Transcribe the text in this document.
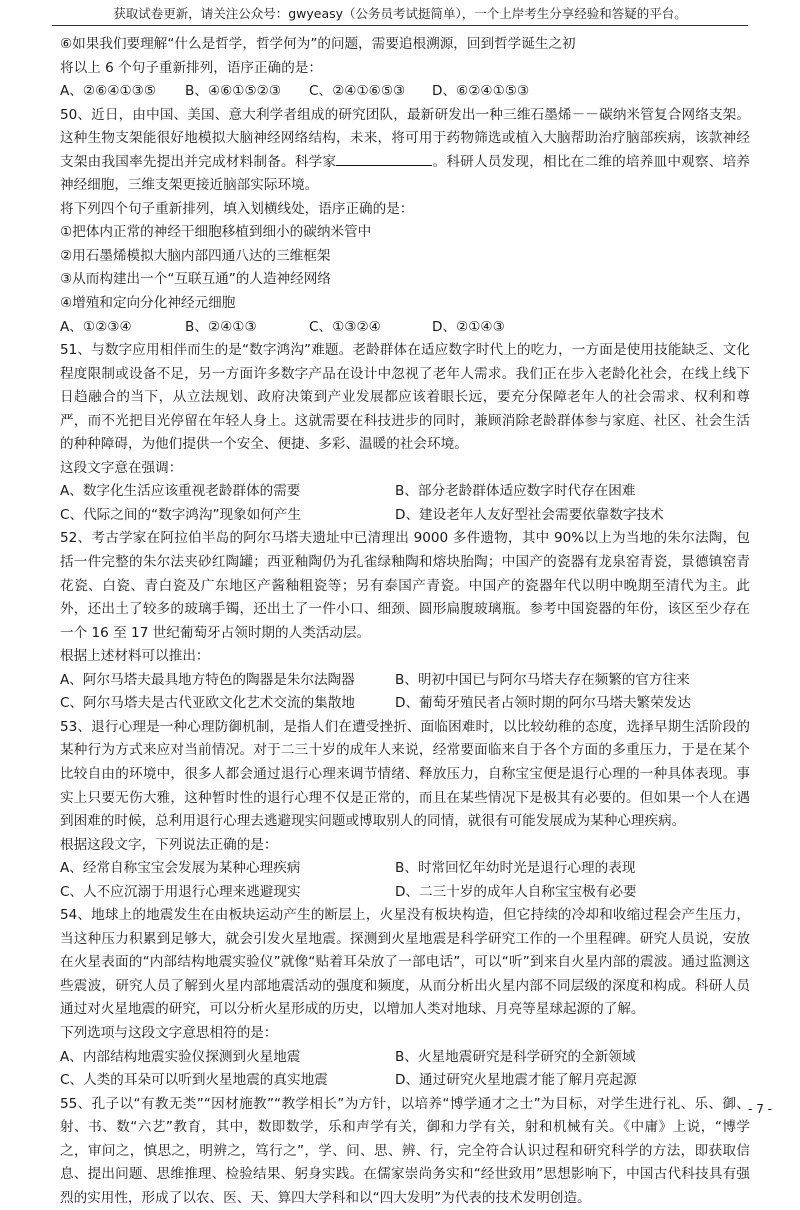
获取试卷更新，请关注公众号：gwyeasy（公务员考试挺简单），一个上岸考生分享经验和答疑的平台。
⑥如果我们要理解“什么是哲学，哲学何为”的问题，需要追根溯源，回到哲学诞生之初
将以上 6 个句子重新排列，语序正确的是：
A、②⑥④①③⑤	B、④⑥①⑤②③	C、②④①⑥⑤③	D、⑥②④①⑤③

50、近日，由中国、美国、意大利学者组成的研究团队，最新研发出一种三维石墨烯－－碳纳米管复合网络支架。这种生物支架能很好地模拟大脑神经网络结构，未来，将可用于药物筛选或植入大脑帮助治疗脑部疾病，该款神经支架由我国率先提出并完成材料制备。科学家	。科研人员发现，相比在二维的培养皿中观察、培养神经细胞，三维支架更接近脑部实际环境。

将下列四个句子重新排列，填入划横线处，语序正确的是：
①把体内正常的神经干细胞移植到细小的碳纳米管中
②用石墨烯模拟大脑内部四通八达的三维框架
③从而构建出一个“互联互通”的人造神经网络
④增殖和定向分化神经元细胞
A、①②③④	B、②④①③	C、①③②④	D、②①④③

51、与数字应用相伴而生的是“数字鸿沟”难题。老龄群体在适应数字时代上的吃力，一方面是使用技能缺乏、文化程度限制或设备不足，另一方面许多数字产品在设计中忽视了老年人需求。我们正在步入老龄化社会，在线上线下日趋融合的当下，从立法规划、政府决策到产业发展都应该着眼长远，要充分保障老年人的社会需求、权利和尊严，而不光把目光停留在年轻人身上。这就需要在科技进步的同时，兼顾消除老龄群体参与家庭、社区、社会生活的种种障碍，为他们提供一个安全、便捷、多彩、温暖的社会环境。

这段文字意在强调：
A、数字化生活应该重视老龄群体的需要	B、部分老龄群体适应数字时代存在困难
C、代际之间的“数字鸿沟”现象如何产生	D、建设老年人友好型社会需要依靠数字技术

52、考古学家在阿拉伯半岛的阿尔马塔夫遗址中已清理出 9000 多件遗物，其中 90%以上为当地的朱尔法陶，包括一件完整的朱尔法夹砂红陶罐；西亚釉陶仍为孔雀绿釉陶和熔块胎陶；中国产的瓷器有龙泉窑青瓷，景德镇窑青花瓷、白瓷、青白瓷及广东地区产酱釉粗瓷等；另有泰国产青瓷。中国产的瓷器年代以明中晚期至清代为主。此外，还出土了较多的玻璃手镯，还出土了一件小口、细颈、圆形扁腹玻璃瓶。参考中国瓷器的年份，该区至少存在一个 16 至 17 世纪葡萄牙占领时期的人类活动层。

根据上述材料可以推出：
A、阿尔马塔夫最具地方特色的陶器是朱尔法陶器	B、明初中国已与阿尔马塔夫存在频繁的官方往来
C、阿尔马塔夫是古代亚欧文化艺术交流的集散地	D、葡萄牙殖民者占领时期的阿尔马塔夫繁荣发达

53、退行心理是一种心理防御机制，是指人们在遭受挫折、面临困难时，以比较幼稚的态度，选择早期生活阶段的某种行为方式来应对当前情况。对于二三十岁的成年人来说，经常要面临来自于各个方面的多重压力，于是在某个比较自由的环境中，很多人都会通过退行心理来调节情绪、释放压力，自称宝宝便是退行心理的一种具体表现。事实上只要无伤大雅，这种暂时性的退行心理不仅是正常的，而且在某些情况下是极其有必要的。但如果一个人在遇到困难的时候，总利用退行心理去逃避现实问题或博取别人的同情，就很有可能发展成为某种心理疾病。

根据这段文字，下列说法正确的是：
A、经常自称宝宝会发展为某种心理疾病	B、时常回忆年幼时光是退行心理的表现
C、人不应沉溺于用退行心理来逃避现实	D、二三十岁的成年人自称宝宝极有必要

54、地球上的地震发生在由板块运动产生的断层上，火星没有板块构造，但它持续的冷却和收缩过程会产生压力，当这种压力积累到足够大，就会引发火星地震。探测到火星地震是科学研究工作的一个里程碑。研究人员说，安放在火星表面的“内部结构地震实验仪”就像“贴着耳朵放了一部电话”，可以“听”到来自火星内部的震波。通过监测这些震波，研究人员了解到火星内部地震活动的强度和频度，从而分析出火星内部不同层级的深度和构成。科研人员通过对火星地震的研究，可以分析火星形成的历史，以增加人类对地球、月亮等星球起源的了解。

下列选项与这段文字意思相符的是：
A、内部结构地震实验仪探测到火星地震	B、火星地震研究是科学研究的全新领域
C、人类的耳朵可以听到火星地震的真实地震	D、通过研究火星地震才能了解月亮起源

55、孔子以“有教无类”“因材施教”“教学相长”为方针，以培养“博学通才之士”为目标，对学生进行礼、乐、御、射、书、数“六艺”教育，其中，数即数学，乐和声学有关，御和力学有关，射和机械有关。《中庸》上说，“博学之，审问之，慎思之，明辨之，笃行之”，学、问、思、辨、行，完全符合认识过程和研究科学的方法，即获取信息、提出问题、思维推理、检验结果、躬身实践。在儒家崇尚务实和“经世致用”思想影响下，中国古代科技具有强烈的实用性，形成了以农、医、天、算四大学科和以“四大发明”为代表的技术发明创造。

- 7 -
